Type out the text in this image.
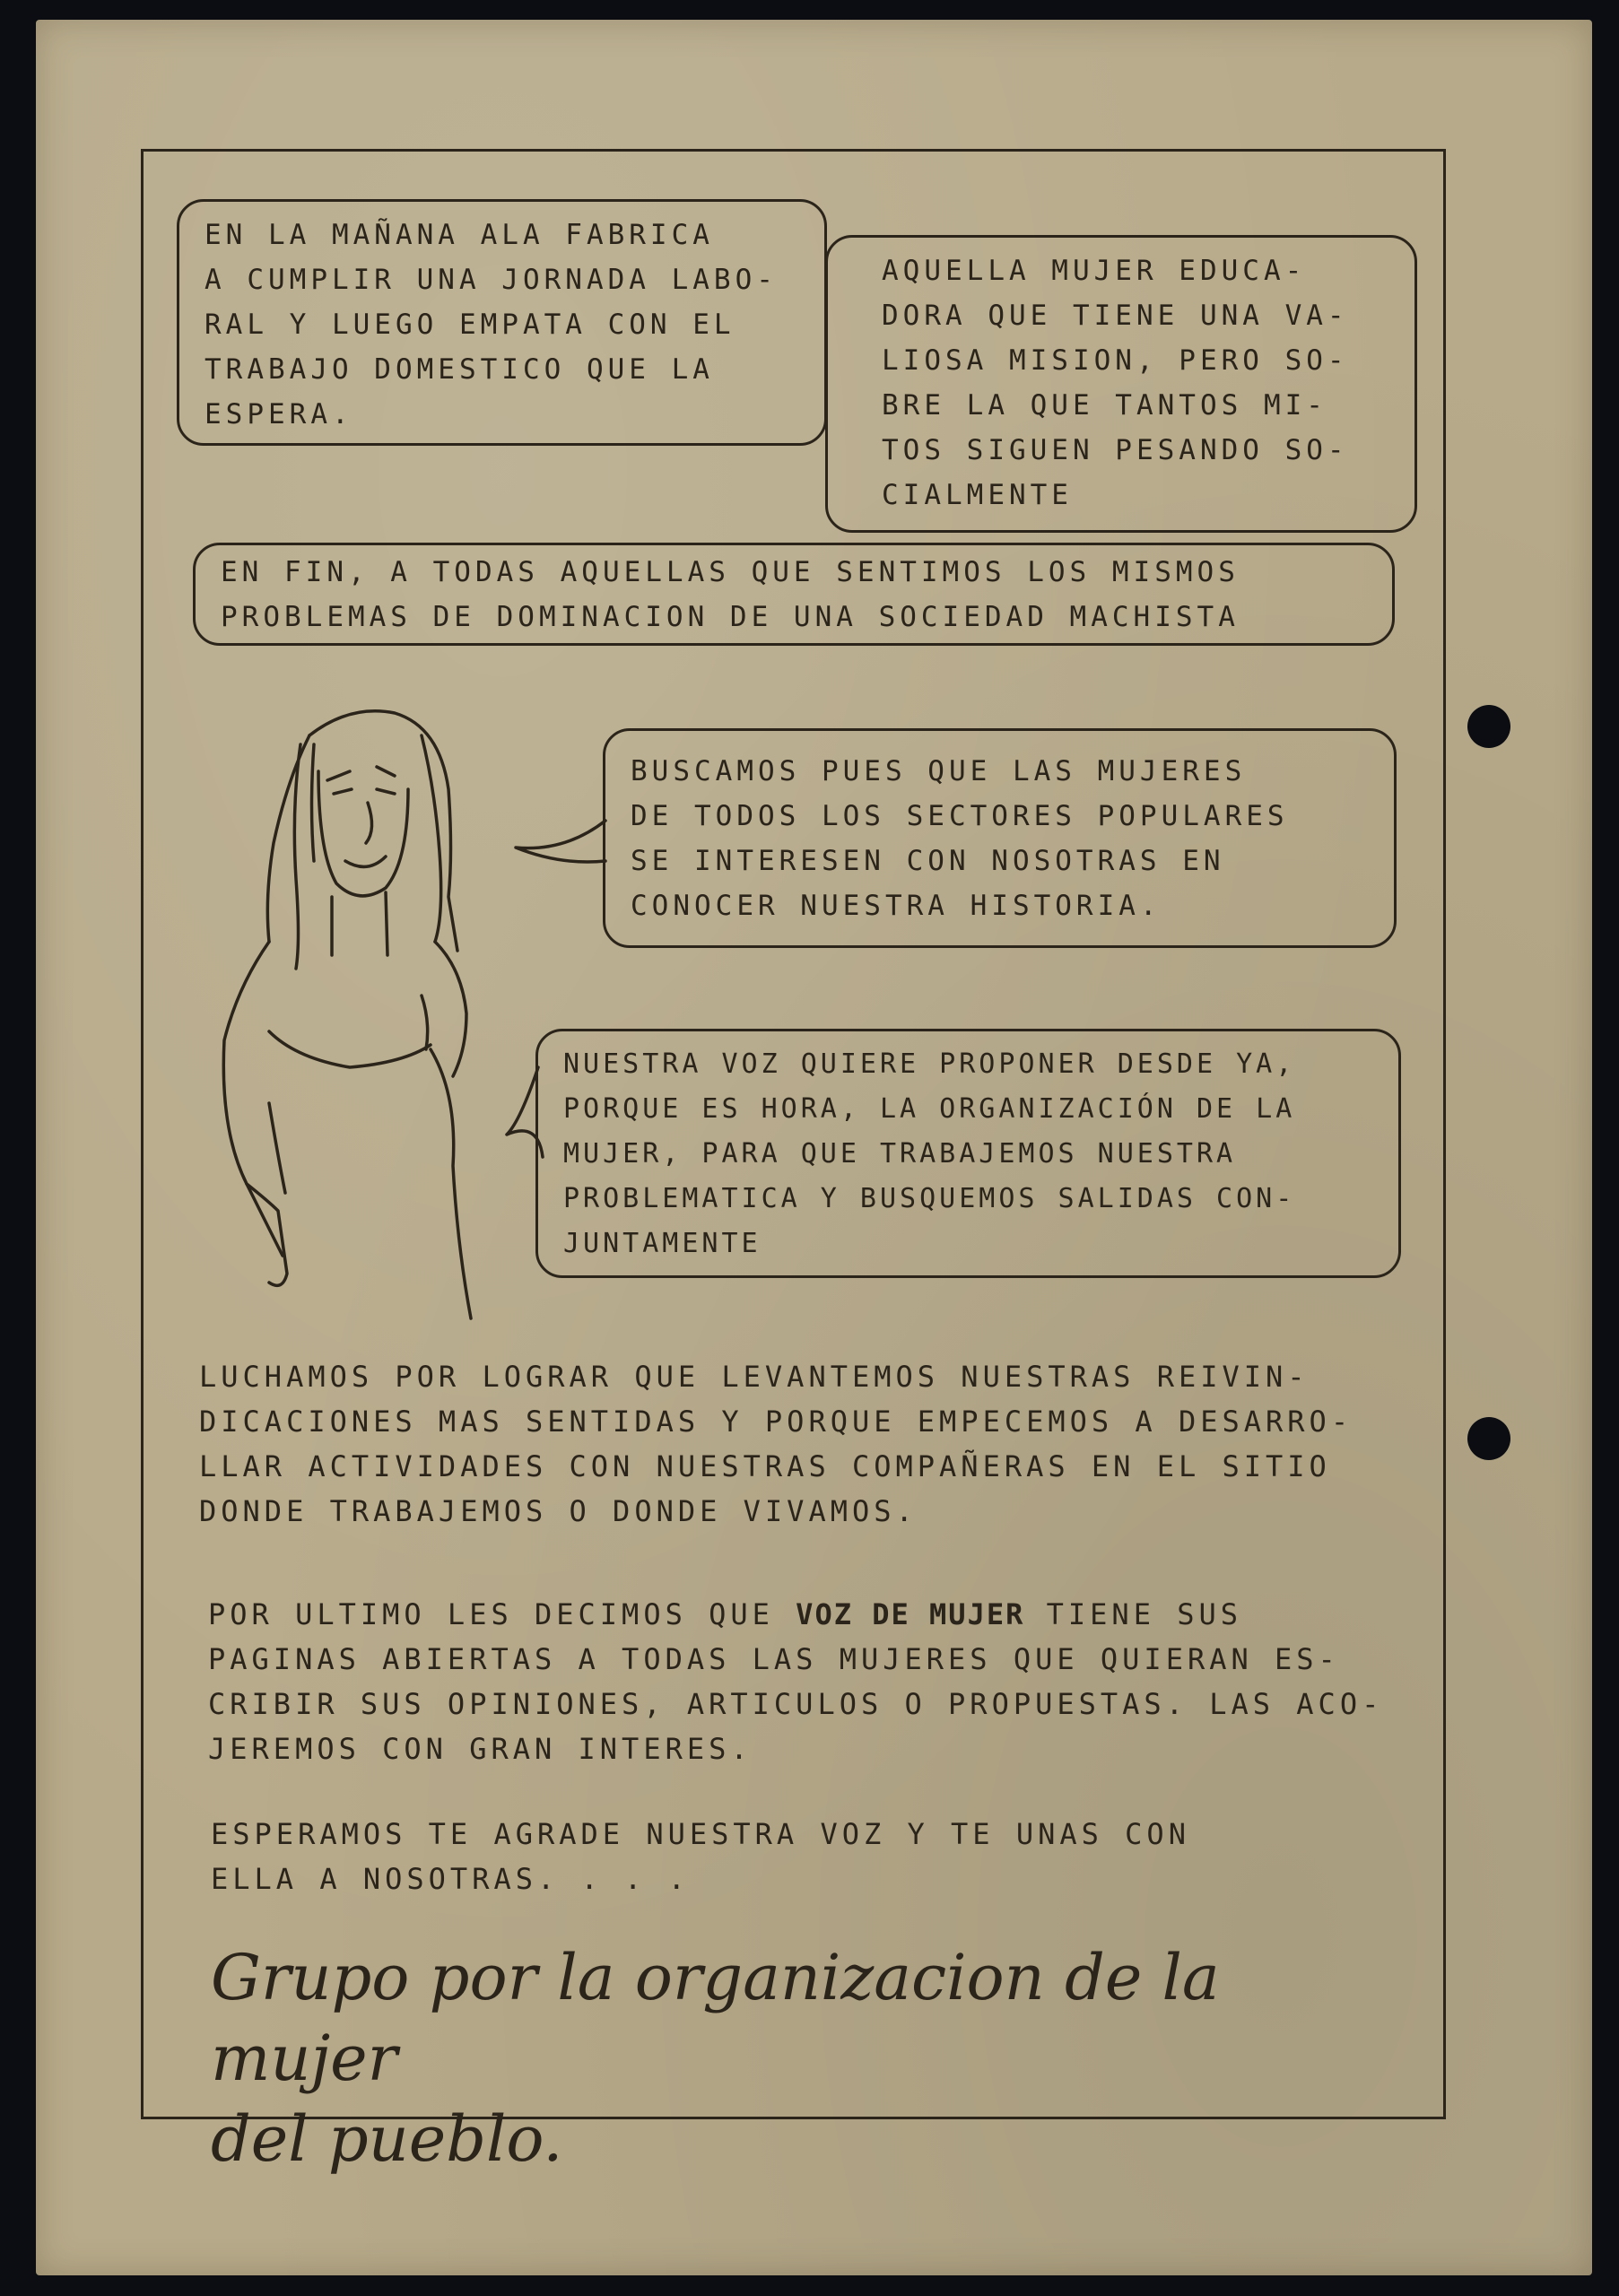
EN LA MAÑANA ALA FABRICA
A CUMPLIR UNA JORNADA LABO-
RAL Y LUEGO EMPATA CON EL
TRABAJO DOMESTICO QUE LA
ESPERA.
AQUELLA MUJER EDUCA-
DORA QUE TIENE UNA VA-
LIOSA MISION, PERO SO-
BRE LA QUE TANTOS MI-
TOS SIGUEN PESANDO SO-
CIALMENTE
EN FIN, A TODAS AQUELLAS QUE SENTIMOS LOS MISMOS
PROBLEMAS DE DOMINACION DE UNA SOCIEDAD MACHISTA
BUSCAMOS PUES QUE LAS MUJERES
DE TODOS LOS SECTORES POPULARES
SE INTERESEN CON NOSOTRAS EN
CONOCER NUESTRA HISTORIA.
NUESTRA VOZ QUIERE PROPONER DESDE YA,
PORQUE ES HORA, LA ORGANIZACIÓN DE LA
MUJER, PARA QUE TRABAJEMOS NUESTRA
PROBLEMATICA Y BUSQUEMOS SALIDAS CON-
JUNTAMENTE
LUCHAMOS POR LOGRAR QUE LEVANTEMOS NUESTRAS REIVIN-
DICACIONES MAS SENTIDAS Y PORQUE EMPECEMOS A DESARRO-
LLAR ACTIVIDADES CON NUESTRAS COMPAÑERAS EN EL SITIO
DONDE TRABAJEMOS O DONDE VIVAMOS.
POR ULTIMO LES DECIMOS QUE VOZ DE MUJER TIENE SUS
PAGINAS ABIERTAS A TODAS LAS MUJERES QUE QUIERAN ES-
CRIBIR SUS OPINIONES, ARTICULOS O PROPUESTAS. LAS ACO-
JEREMOS CON GRAN INTERES.
ESPERAMOS TE AGRADE NUESTRA VOZ Y TE UNAS CON
ELLA A NOSOTRAS. . . .
Grupo por la organizacion de la mujer
del pueblo.
